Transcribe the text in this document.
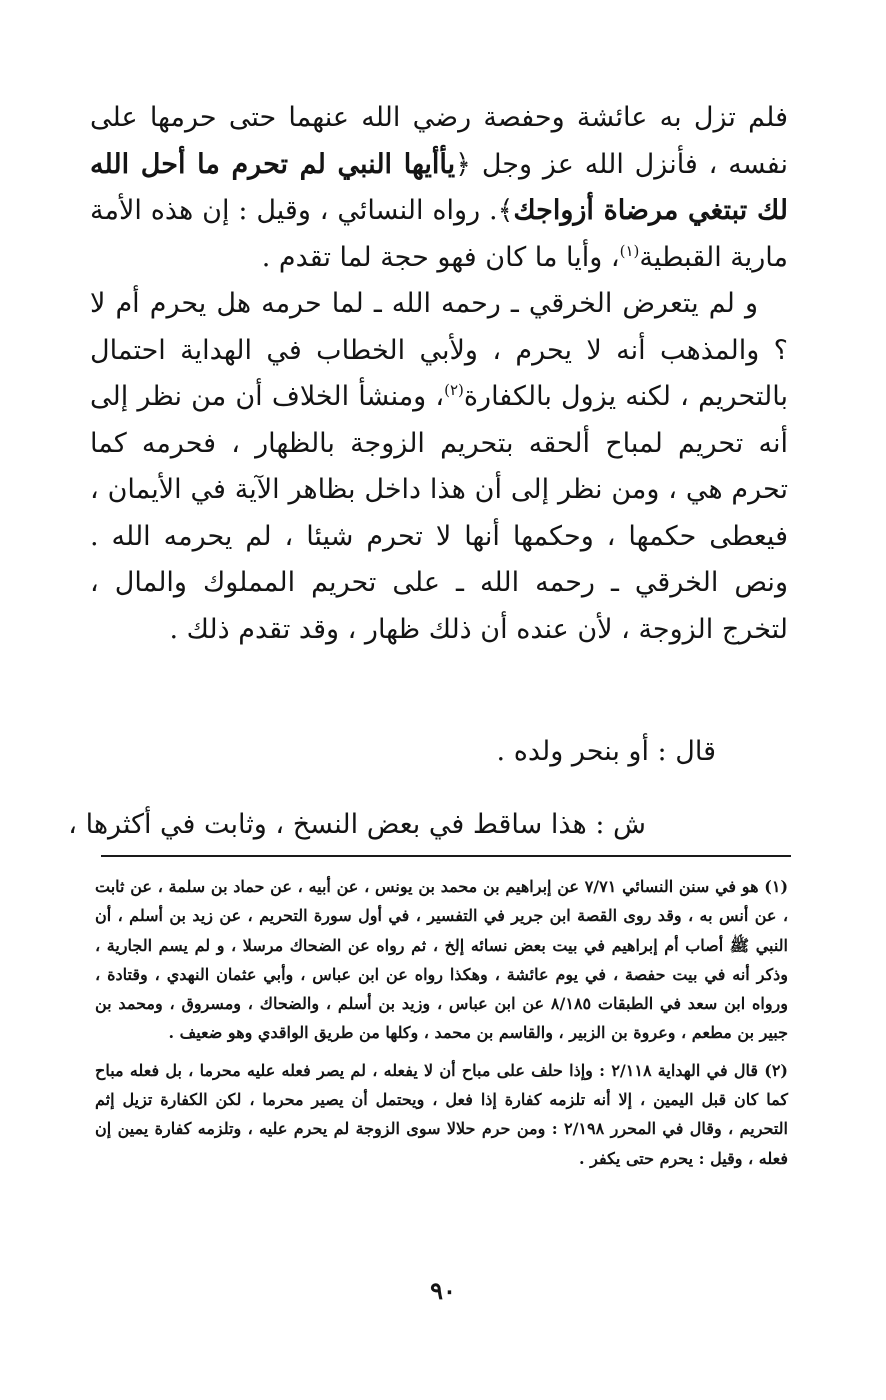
فلم تزل به عائشة وحفصة رضي الله عنهما حتى حرمها على نفسه ، فأنزل الله عز وجل ﴿يأأيها النبي لم تحرم ما أحل الله لك تبتغي مرضاة أزواجك﴾. رواه النسائي ، وقيل : إن هذه الأمة مارية القبطية$^{(١)}$، وأيا ما كان فهو حجة لما تقدم .

و لم يتعرض الخرقي ـ رحمه الله ـ لما حرمه هل يحرم أم لا ؟ والمذهب أنه لا يحرم ، ولأبي الخطاب في الهداية احتمال بالتحريم ، لكنه يزول بالكفارة$^{(٢)}$، ومنشأ الخلاف أن من نظر إلى أنه تحريم لمباح ألحقه بتحريم الزوجة بالظهار ، فحرمه كما تحرم هي ، ومن نظر إلى أن هذا داخل بظاهر الآية في الأيمان ، فيعطى حكمها ، وحكمها أنها لا تحرم شيئا ، لم يحرمه الله . ونص الخرقي ـ رحمه الله ـ على تحريم المملوك والمال ، لتخرج الزوجة ، لأن عنده أن ذلك ظهار ، وقد تقدم ذلك .

قال : أو بنحر ولده .
ش : هذا ساقط في بعض النسخ ، وثابت في أكثرها ،

(١) هو في سنن النسائي ٧/٧١ عن إبراهيم بن محمد بن يونس ، عن أبيه ، عن حماد بن سلمة ، عن ثابت ، عن أنس به ، وقد روى القصة ابن جرير في التفسير ، في أول سورة التحريم ، عن زيد بن أسلم ، أن النبي ﷺ أصاب أم إبراهيم في بيت بعض نسائه إلخ ، ثم رواه عن الضحاك مرسلا ، و لم يسم الجارية ، وذكر أنه في بيت حفصة ، في يوم عائشة ، وهكذا رواه عن ابن عباس ، وأبي عثمان النهدي ، وقتادة ، ورواه ابن سعد في الطبقات ٨/١٨٥ عن ابن عباس ، وزيد بن أسلم ، والضحاك ، ومسروق ، ومحمد بن جبير بن مطعم ، وعروة بن الزبير ، والقاسم بن محمد ، وكلها من طريق الواقدي وهو ضعيف .

(٢) قال في الهداية ٢/١١٨ : وإذا حلف على مباح أن لا يفعله ، لم يصر فعله عليه محرما ، بل فعله مباح كما كان قبل اليمين ، إلا أنه تلزمه كفارة إذا فعل ، ويحتمل أن يصير محرما ، لكن الكفارة تزيل إثم التحريم ، وقال في المحرر ٢/١٩٨ : ومن حرم حلالا سوى الزوجة لم يحرم عليه ، وتلزمه كفارة يمين إن فعله ، وقيل : يحرم حتى يكفر .

٩٠
